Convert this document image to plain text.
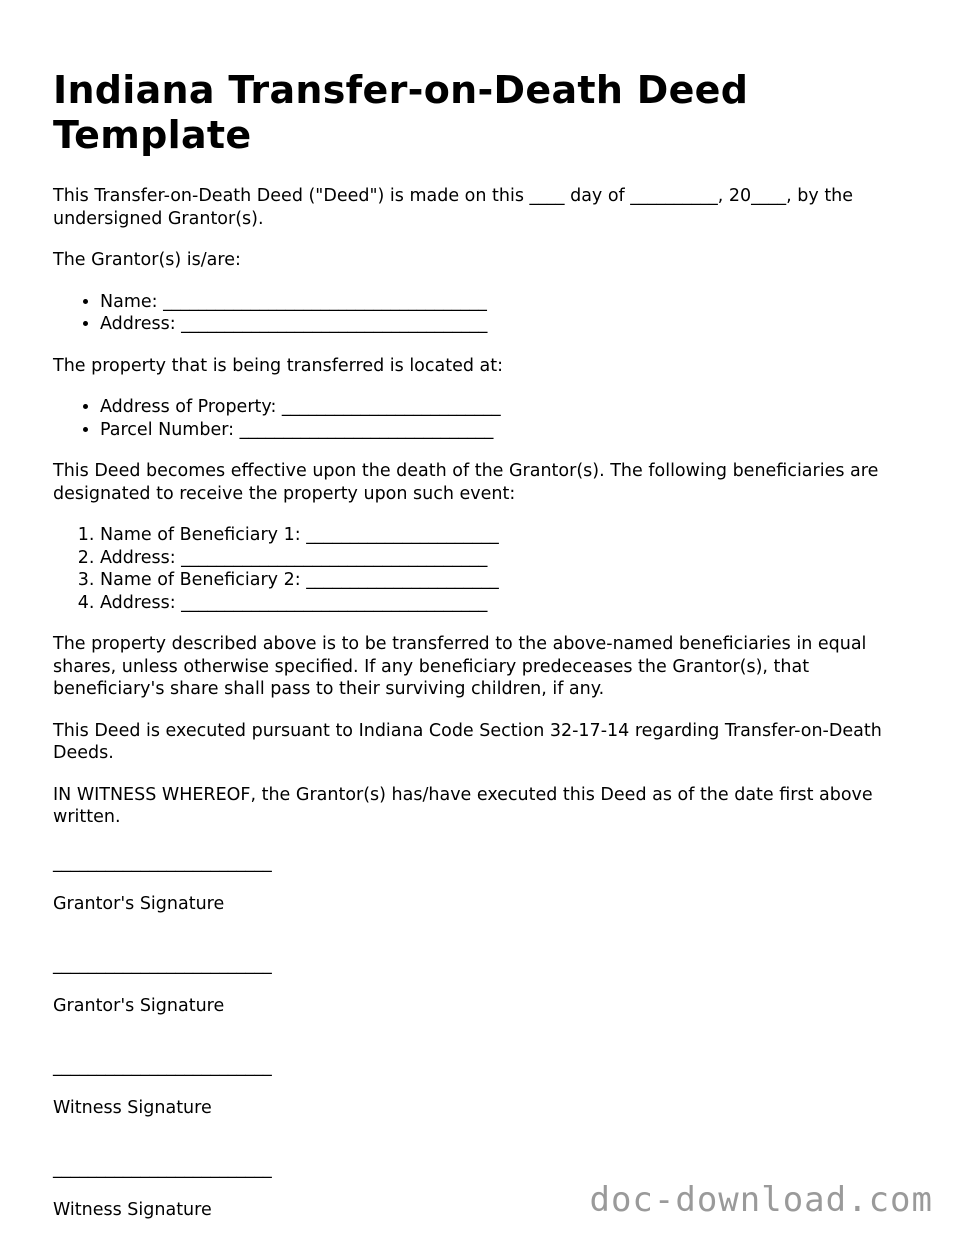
Indiana Transfer-on-Death Deed Template

This Transfer-on-Death Deed ("Deed") is made on this ____ day of __________, 20____, by the undersigned Grantor(s).

The Grantor(s) is/are:

• Name: _____________________________________
• Address: ___________________________________

The property that is being transferred is located at:

• Address of Property: _________________________
• Parcel Number: _____________________________

This Deed becomes effective upon the death of the Grantor(s). The following beneficiaries are designated to receive the property upon such event:

1. Name of Beneficiary 1: ______________________
2. Address: ___________________________________
3. Name of Beneficiary 2: ______________________
4. Address: ___________________________________

The property described above is to be transferred to the above-named beneficiaries in equal shares, unless otherwise specified. If any beneficiary predeceases the Grantor(s), that beneficiary's share shall pass to their surviving children, if any.

This Deed is executed pursuant to Indiana Code Section 32-17-14 regarding Transfer-on-Death Deeds.

IN WITNESS WHEREOF, the Grantor(s) has/have executed this Deed as of the date first above written.

_________________________

Grantor's Signature

_________________________

Grantor's Signature

_________________________

Witness Signature

_________________________

Witness Signature	doc-download.com
